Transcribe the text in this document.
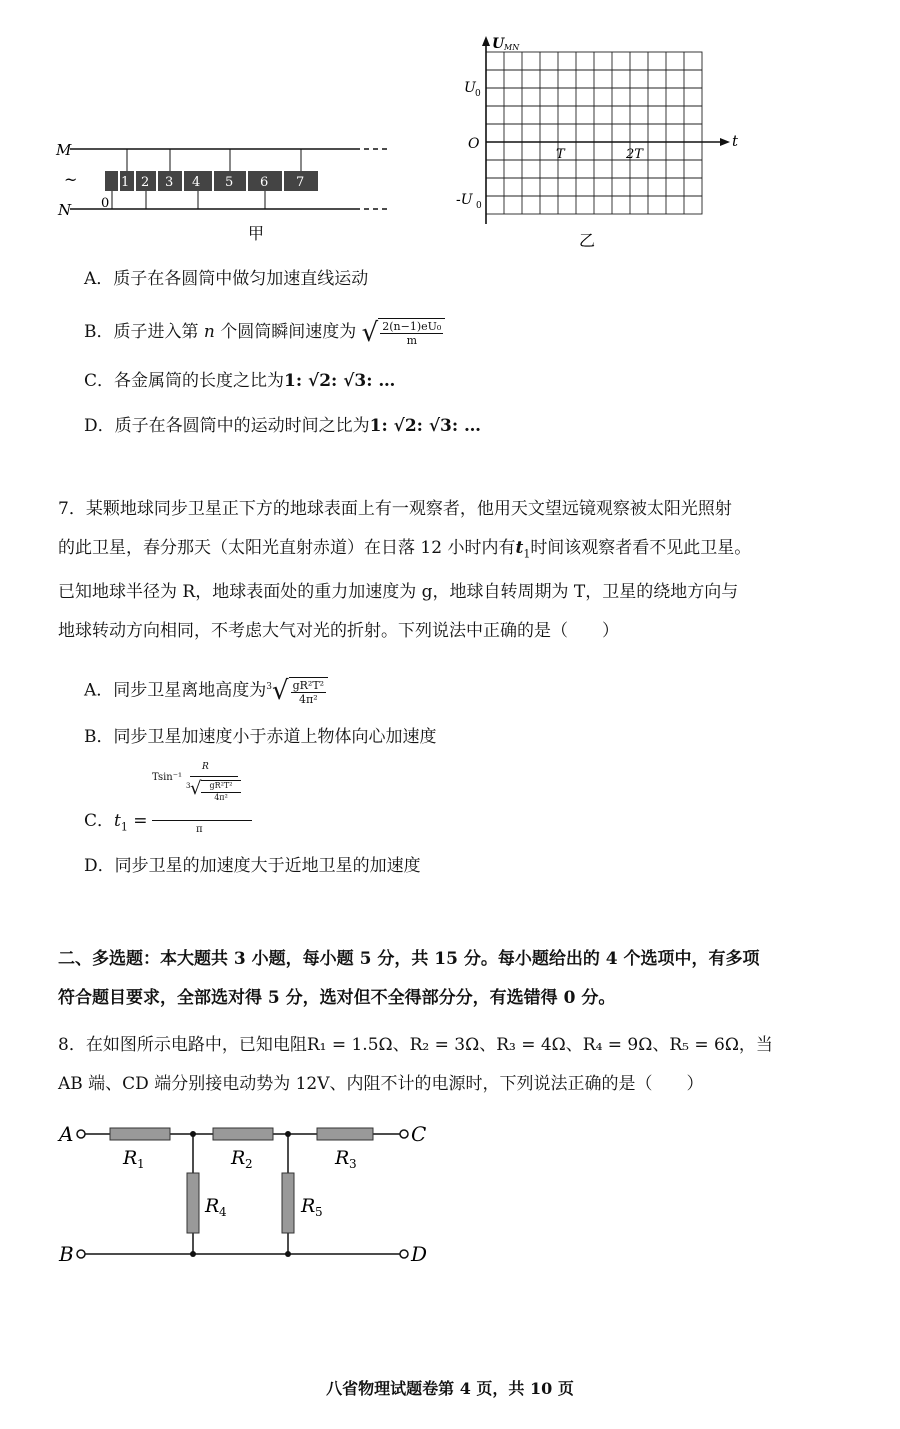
M
N
~
0
1 2 3 4 5 6 7 8
甲
U MN
t
U 0
-U 0
O
T	2T
乙
A．质子在各圆筒中做匀加速直线运动
B．质子进入第 n 个圆筒瞬间速度为 √ $\frac{\text{2(n−1)eU₀}}{m}$
C．各金属筒的长度之比为1: √2: √3: …
D．质子在各圆筒中的运动时间之比为1: √2: √3: …
7．某颗地球同步卫星正下方的地球表面上有一观察者，他用天文望远镜观察被太阳光照射
的此卫星，春分那天（太阳光直射赤道）在日落 12 小时内有$t_1$时间该观察者看不见此卫星。
已知地球半径为 R，地球表面处的重力加速度为 g，地球自转周期为 T，卫星的绕地方向与
地球转动方向相同，不考虑大气对光的折射。下列说法中正确的是（　　）
A．同步卫星离地高度为$^3√ \frac{\text{gR²T²}}{\text{4π²}}$
B．同步卫星加速度小于赤道上物体向心加速度
C．$t_1$ =
Tsin⁻¹
R
3 √	gR²T²
4π²
π
D．同步卫星的加速度大于近地卫星的加速度
二、多选题：本大题共 3 小题，每小题 5 分，共 15 分。每小题给出的 4 个选项中，有多项
符合题目要求，全部选对得 5 分，选对但不全得部分分，有选错得 0 分。
8．在如图所示电路中，已知电阻R₁ = 1.5Ω、R₂ = 3Ω、R₃ = 4Ω、R₄ = 9Ω、R₅ = 6Ω，当
AB 端、CD 端分别接电动势为 12V、内阻不计的电源时，下列说法正确的是（　　）
A
B
C
D
R 1	R 2	R 3
R 4	R 5
八省物理试题卷第 4 页，共 10 页
